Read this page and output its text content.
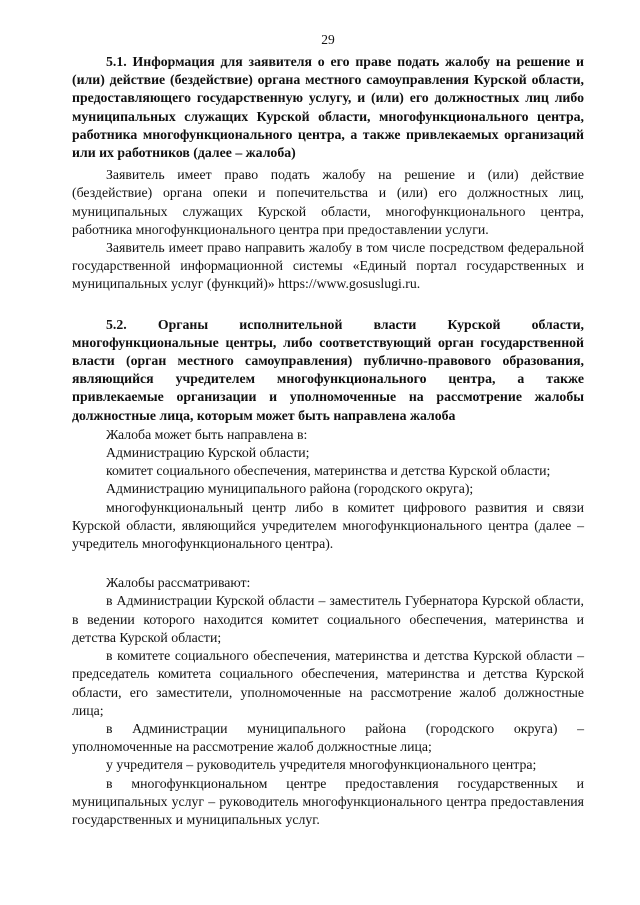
29

5.1. Информация для заявителя о его праве подать жалобу на решение и (или) действие (бездействие) органа местного самоуправления Курской области, предоставляющего государственную услугу, и (или) его должностных лиц либо муниципальных служащих Курской области, многофункционального центра, работника многофункционального центра, а также привлекаемых организаций или их работников (далее – жалоба)

Заявитель имеет право подать жалобу на решение и (или) действие (бездействие) органа опеки и попечительства и (или) его должностных лиц, муниципальных служащих Курской области, многофункционального центра, работника многофункционального центра при предоставлении услуги.

Заявитель имеет право направить жалобу в том числе посредством федеральной государственной информационной системы «Единый портал государственных и муниципальных услуг (функций)» https://www.gosuslugi.ru.

5.2. Органы исполнительной власти Курской области, многофункциональные центры, либо соответствующий орган государственной власти (орган местного самоуправления) публично-правового образования, являющийся учредителем многофункционального центра, а также привлекаемые организации и уполномоченные на рассмотрение жалобы должностные лица, которым может быть направлена жалоба

Жалоба может быть направлена в:

Администрацию Курской области;

комитет социального обеспечения, материнства и детства Курской области;

Администрацию муниципального района (городского округа);

многофункциональный центр либо в комитет цифрового развития и связи Курской области, являющийся учредителем многофункционального центра (далее – учредитель многофункционального центра).

Жалобы рассматривают:

в Администрации Курской области – заместитель Губернатора Курской области, в ведении которого находится комитет социального обеспечения, материнства и детства Курской области;

в комитете социального обеспечения, материнства и детства Курской области – председатель комитета социального обеспечения, материнства и детства Курской области, его заместители, уполномоченные на рассмотрение жалоб должностные лица;

в Администрации муниципального района (городского округа) – уполномоченные на рассмотрение жалоб должностные лица;

у учредителя – руководитель учредителя многофункционального центра;

в многофункциональном центре предоставления государственных и муниципальных услуг – руководитель многофункционального центра предоставления государственных и муниципальных услуг.
